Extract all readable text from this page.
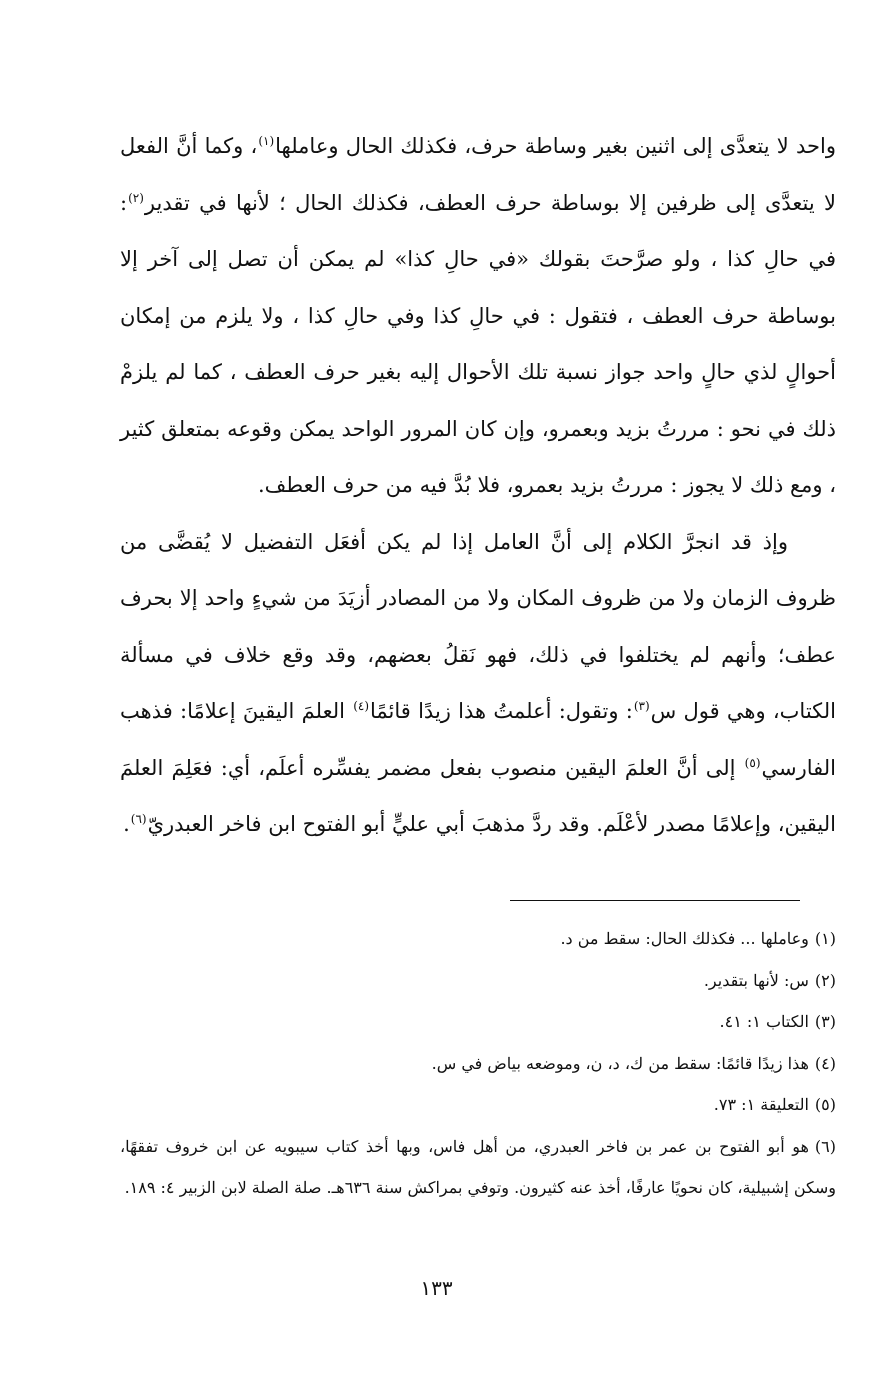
واحد لا يتعدَّى إلى اثنين بغير وساطة حرف، فكذلك الحال وعاملها$^{(١)}$، وكما أنَّ الفعل لا يتعدَّى إلى ظرفين إلا بوساطة حرف العطف، فكذلك الحال ؛ لأنها في تقدير$^{(٢)}$: في حالِ كذا ، ولو صرَّحتَ بقولك «في حالِ كذا» لم يمكن أن تصل إلى آخر إلا بوساطة حرف العطف ، فتقول : في حالِ كذا وفي حالِ كذا ، ولا يلزم من إمكان أحوالٍ لذي حالٍ واحد جواز نسبة تلك الأحوال إليه بغير حرف العطف ، كما لم يلزمْ ذلك في نحو : مررتُ بزيد وبعمرو، وإن كان المرور الواحد يمكن وقوعه بمتعلق كثير ، ومع ذلك لا يجوز : مررتُ بزيد بعمرو، فلا بُدَّ فيه من حرف العطف.

وإذ قد انجرَّ الكلام إلى أنَّ العامل إذا لم يكن أفعَل التفضيل لا يُقضَّى من ظروف الزمان ولا من ظروف المكان ولا من المصادر أزيَدَ من شيءٍ واحد إلا بحرف عطف؛ وأنهم لم يختلفوا في ذلك، فهو نَقلُ بعضهم، وقد وقع خلاف في مسألة الكتاب، وهي قول س$^{(٣)}$: وتقول: أعلمتُ هذا زيدًا قائمًا$^{(٤)}$ العلمَ اليقينَ إعلامًا: فذهب الفارسي$^{(٥)}$ إلى أنَّ العلمَ اليقين منصوب بفعل مضمر يفسِّره أعلَم، أي: فعَلِمَ العلمَ اليقين، وإعلامًا مصدر لأعْلَم. وقد ردَّ مذهبَ أبي عليٍّ أبو الفتوح ابن فاخر العبدريّ$^{(٦)}$.

(١)وعاملها ... فكذلك الحال: سقط من د.

(٢)س: لأنها بتقدير.

(٣)الكتاب ١: ٤١.

(٤)هذا زيدًا قائمًا: سقط من ك، د، ن، وموضعه بياض في س.

(٥)التعليقة ١: ٧٣.

(٦)هو أبو الفتوح بن عمر بن فاخر العبدري، من أهل فاس، وبها أخذ كتاب سيبويه عن ابن خروف تفقهًا، وسكن إشبيلية، كان نحويًا عارفًا، أخذ عنه كثيرون. وتوفي بمراكش سنة ٦٣٦هـ. صلة الصلة لابن الزبير ٤: ١٨٩.

١٣٣
